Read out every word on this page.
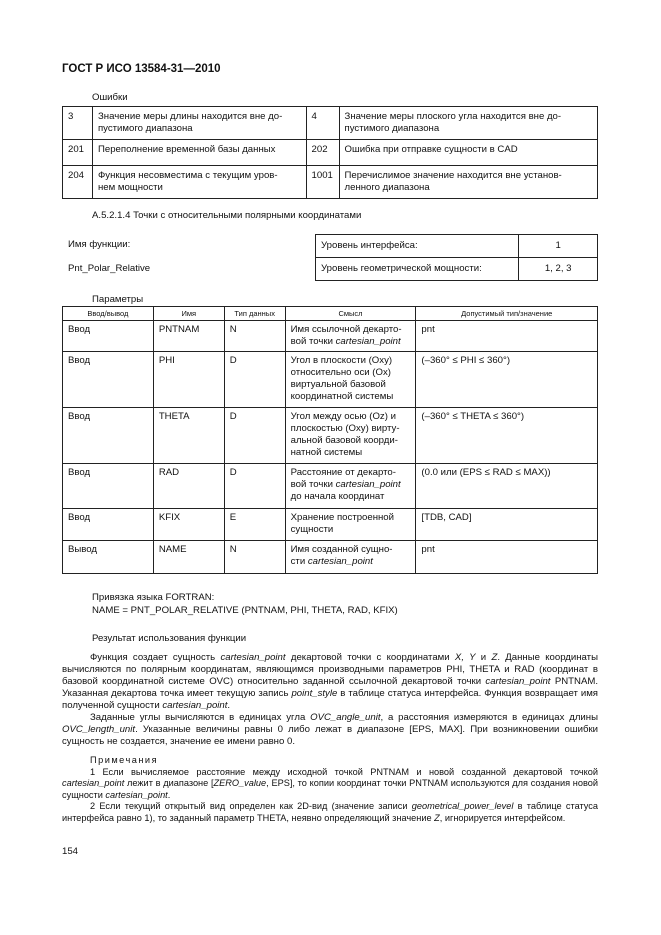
ГОСТ Р ИСО 13584-31—2010
Ошибки
3	Значение меры длины находится вне до-
пустимого диапазона	4	Значение меры плоского угла находится вне до-
пустимого диапазона
201	Переполнение временной базы данных	202	Ошибка при отправке сущности в CAD
204	Функция несовместима с текущим уров-
нем мощности	1001	Перечислимое значение находится вне установ-
ленного диапазона
A.5.2.1.4 Точки с относительными полярными координатами
Имя функции:
Pnt_Polar_Relative
Уровень интерфейса:	1
Уровень геометрической мощности:	1, 2, 3
Параметры
Ввод/вывод	Имя	Тип данных	Смысл	Допустимый тип/значение
Ввод	PNTNAM	N	Имя ссылочной декарто-
вой точки cartesian_point	pnt
Ввод	PHI	D	Угол в плоскости (Oxy)
относительно оси (Ox)
виртуальной базовой
координатной системы	(–360° ≤ PHI ≤ 360°)
Ввод	THETA	D	Угол между осью (Oz) и
плоскостью (Oxy) вирту-
альной базовой коорди-
натной системы	(–360° ≤ THETA ≤ 360°)
Ввод	RAD	D	Расстояние от декарто-
вой точки cartesian_point
до начала координат	(0.0 или (EPS ≤ RAD ≤ MAX))
Ввод	KFIX	E	Хранение построенной
сущности	[TDB, CAD]
Вывод	NAME	N	Имя созданной сущно-
сти cartesian_point	pnt
Привязка языка FORTRAN:
NAME = PNT_POLAR_RELATIVE (PNTNAM, PHI, THETA, RAD, KFIX)
Результат использования функции

Функция создает сущность cartesian_point декартовой точки с координатами X, Y и Z. Данные координаты вычисляются по полярным координатам, являющимся производными параметров PHI, THETA и RAD (координат в базовой координатной системе OVC) относительно заданной ссылочной декартовой точки cartesian_point PNTNAM. Указанная декартова точка имеет текущую запись point_style в таблице статуса интерфейса. Функция возвращает имя полученной сущности cartesian_point.

Заданные углы вычисляются в единицах угла OVC_angle_unit, а расстояния измеряются в единицах длины OVC_length_unit. Указанные величины равны 0 либо лежат в диапазоне [EPS, MAX]. При возникновении ошибки сущность не создается, значение ее имени равно 0.

Примечания

1 Если вычисляемое расстояние между исходной точкой PNTNAM и новой созданной декартовой точкой cartesian_point лежит в диапазоне [ZERO_value, EPS], то копии координат точки PNTNAM используются для создания новой сущности cartesian_point.

2 Если текущий открытый вид определен как 2D-вид (значение записи geometrical_power_level в таблице статуса интерфейса равно 1), то заданный параметр THETA, неявно определяющий значение Z, игнорируется интерфейсом.

154
